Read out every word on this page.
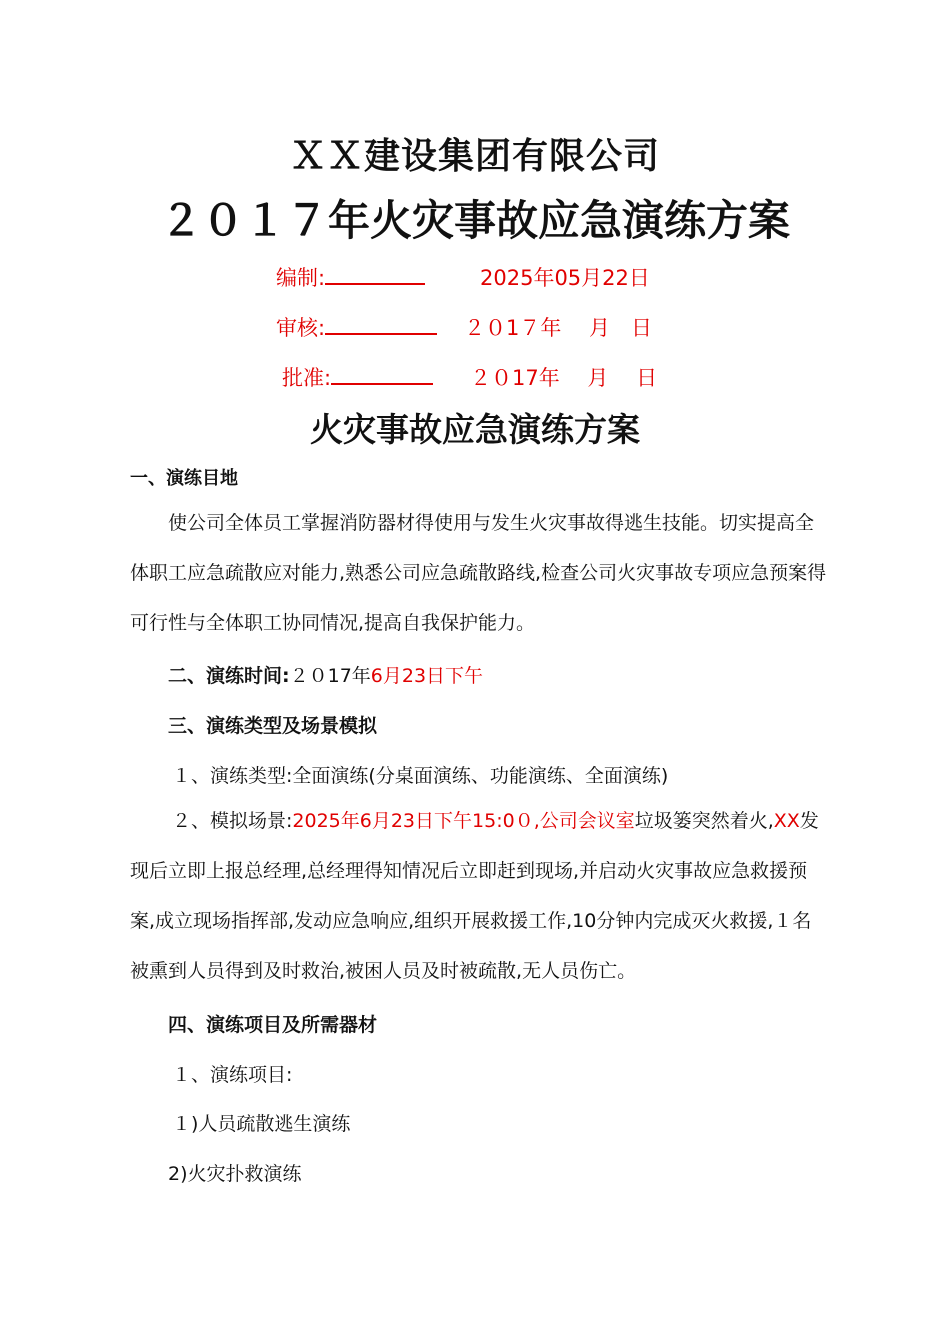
ＸＸ建设集团有限公司
２０１７年火灾事故应急演练方案
编制:	2025年05月22日
审核:	２０1７年　 月　日
批准:	２０17年　 月　 日
火灾事故应急演练方案
一、演练目地
使公司全体员工掌握消防器材得使用与发生火灾事故得逃生技能。切实提高全体职工应急疏散应对能力,熟悉公司应急疏散路线,检查公司火灾事故专项应急预案得可行性与全体职工协同情况,提高自我保护能力。
二、演练时间:２０17年6月23日下午
三、演练类型及场景模拟
１、演练类型:全面演练(分桌面演练、功能演练、全面演练)
２、模拟场景:2025年6月23日下午15:0０,公司会议室垃圾篓突然着火,XX发现后立即上报总经理,总经理得知情况后立即赶到现场,并启动火灾事故应急救援预案,成立现场指挥部,发动应急响应,组织开展救援工作,10分钟内完成灭火救援,１名被熏到人员得到及时救治,被困人员及时被疏散,无人员伤亡。
四、演练项目及所需器材
１、演练项目:
１)人员疏散逃生演练
2)火灾扑救演练
